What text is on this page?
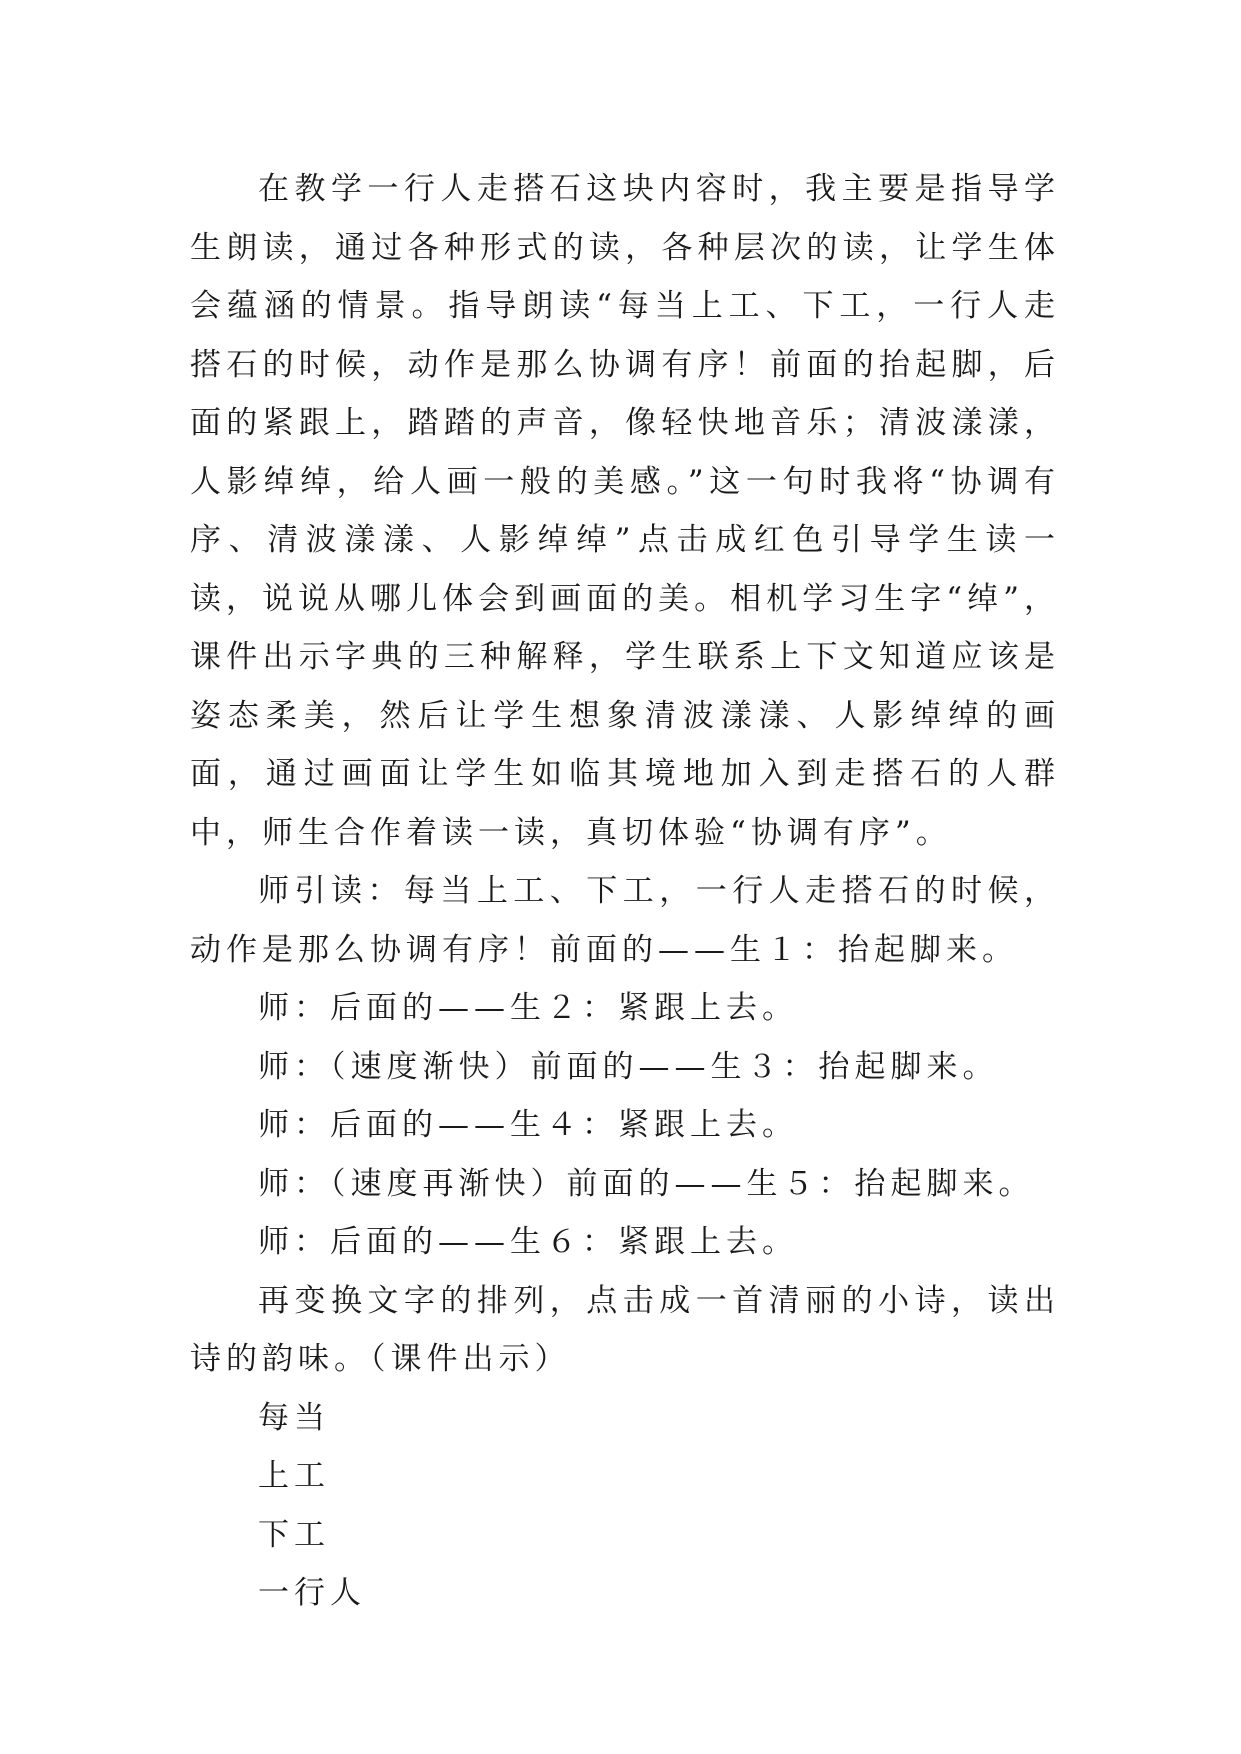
在教学一行人走搭石这块内容时，我主要是指导学生朗读，通过各种形式的读，各种层次的读，让学生体会蕴涵的情景。指导朗读“每当上工、下工，一行人走搭石的时候，动作是那么协调有序！前面的抬起脚，后面的紧跟上，踏踏的声音，像轻快地音乐；清波漾漾，人影绰绰，给人画一般的美感。”这一句时我将“协调有序、清波漾漾、人影绰绰”点击成红色引导学生读一读，说说从哪儿体会到画面的美。相机学习生字“绰”，课件出示字典的三种解释，学生联系上下文知道应该是姿态柔美，然后让学生想象清波漾漾、人影绰绰的画面，通过画面让学生如临其境地加入到走搭石的人群中，师生合作着读一读，真切体验“协调有序”。

师引读：每当上工、下工，一行人走搭石的时候，动作是那么协调有序！前面的——生１：抬起脚来。

师：后面的——生２：紧跟上去。

师：（速度渐快）前面的——生３：抬起脚来。

师：后面的——生４：紧跟上去。

师：（速度再渐快）前面的——生５：抬起脚来。

师：后面的——生６：紧跟上去。

再变换文字的排列，点击成一首清丽的小诗，读出诗的韵味。（课件出示）

每当

上工

下工

一行人
